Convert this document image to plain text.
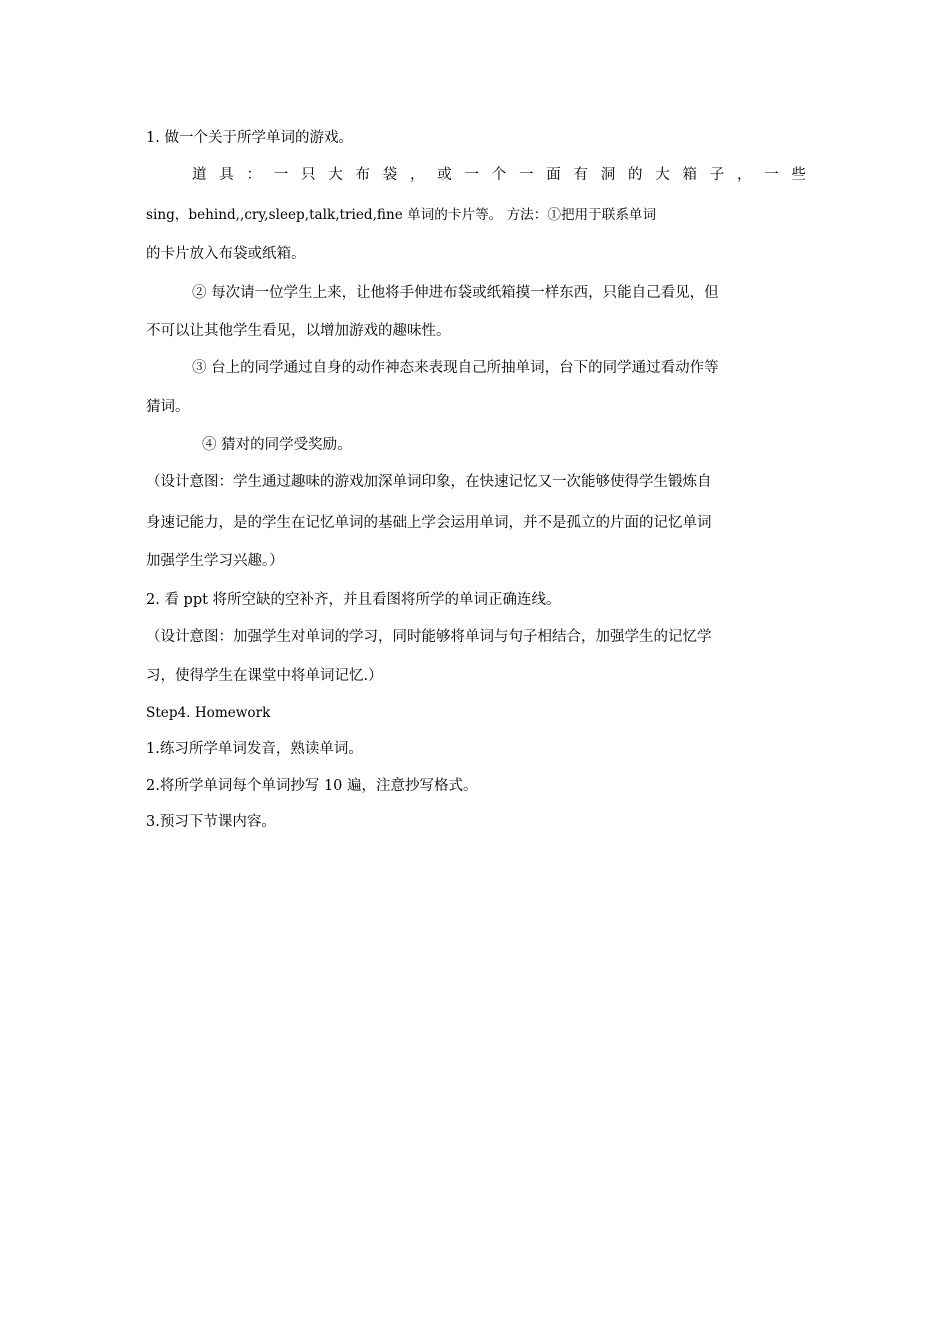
1. 做一个关于所学单词的游戏。
道 具 ： 一 只 大 布 袋 ， 或 一 个 一 面 有 洞 的 大 箱 子 ， 一 些
sing，behind,,cry,sleep,talk,tried,fine 单词的卡片等。 方法：①把用于联系单词
的卡片放入布袋或纸箱。
② 每次请一位学生上来，让他将手伸进布袋或纸箱摸一样东西，只能自己看见，但
不可以让其他学生看见，以增加游戏的趣味性。
③ 台上的同学通过自身的动作神态来表现自己所抽单词，台下的同学通过看动作等
猜词。
④ 猜对的同学受奖励。
（设计意图：学生通过趣味的游戏加深单词印象，在快速记忆又一次能够使得学生锻炼自
身速记能力，是的学生在记忆单词的基础上学会运用单词，并不是孤立的片面的记忆单词
加强学生学习兴趣。）
2. 看 ppt 将所空缺的空补齐，并且看图将所学的单词正确连线。
（设计意图：加强学生对单词的学习，同时能够将单词与句子相结合，加强学生的记忆学
习，使得学生在课堂中将单词记忆.）
Step4. Homework
1.练习所学单词发音，熟读单词。
2.将所学单词每个单词抄写 10 遍，注意抄写格式。
3.预习下节课内容。
